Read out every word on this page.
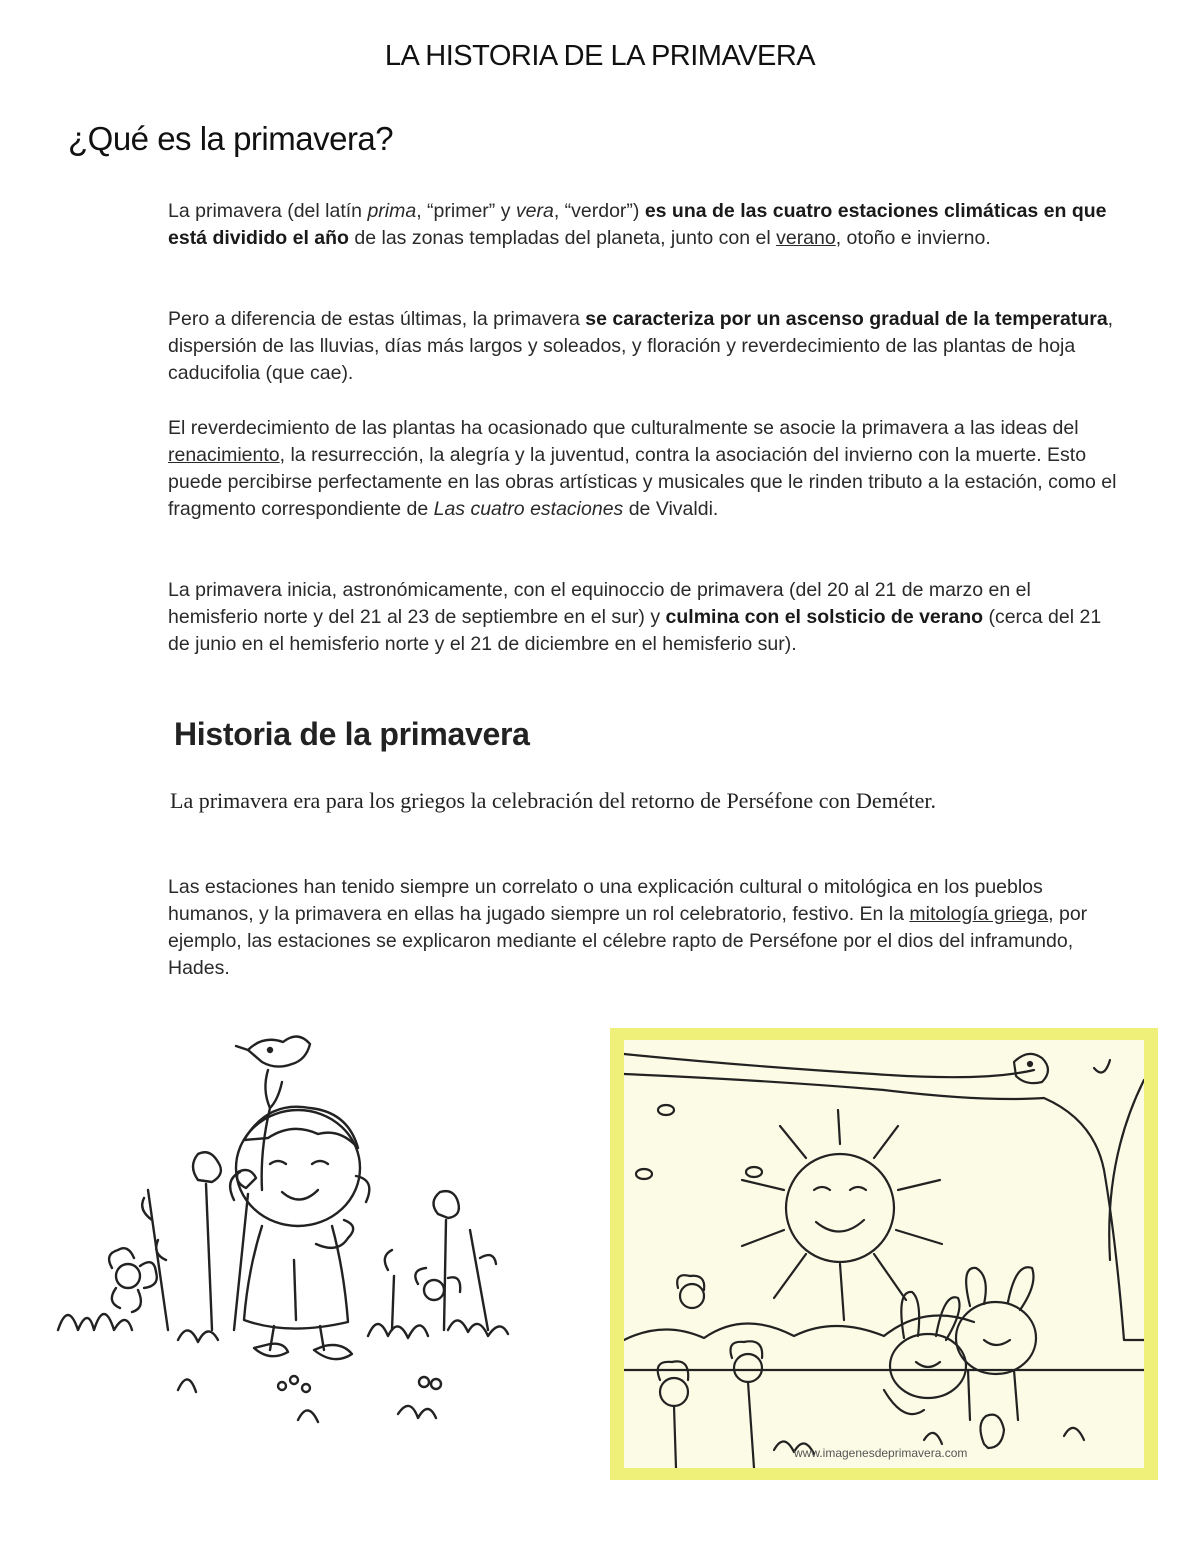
LA HISTORIA DE LA PRIMAVERA
¿Qué es la primavera?
La primavera (del latín prima, “primer” y vera, “verdor”) es una de las cuatro estaciones climáticas en que está dividido el año de las zonas templadas del planeta, junto con el verano, otoño e invierno.
Pero a diferencia de estas últimas, la primavera se caracteriza por un ascenso gradual de la temperatura, dispersión de las lluvias, días más largos y soleados, y floración y reverdecimiento de las plantas de hoja caducifolia (que cae).
El reverdecimiento de las plantas ha ocasionado que culturalmente se asocie la primavera a las ideas del renacimiento, la resurrección, la alegría y la juventud, contra la asociación del invierno con la muerte. Esto puede percibirse perfectamente en las obras artísticas y musicales que le rinden tributo a la estación, como el fragmento correspondiente de Las cuatro estaciones de Vivaldi.
La primavera inicia, astronómicamente, con el equinoccio de primavera (del 20 al 21 de marzo en el hemisferio norte y del 21 al 23 de septiembre en el sur) y culmina con el solsticio de verano (cerca del 21 de junio en el hemisferio norte y el 21 de diciembre en el hemisferio sur).
Historia de la primavera
La primavera era para los griegos la celebración del retorno de Perséfone con Deméter.
Las estaciones han tenido siempre un correlato o una explicación cultural o mitológica en los pueblos humanos, y la primavera en ellas ha jugado siempre un rol celebratorio, festivo. En la mitología griega, por ejemplo, las estaciones se explicaron mediante el célebre rapto de Perséfone por el dios del inframundo, Hades.
www.imagenesdeprimavera.com
